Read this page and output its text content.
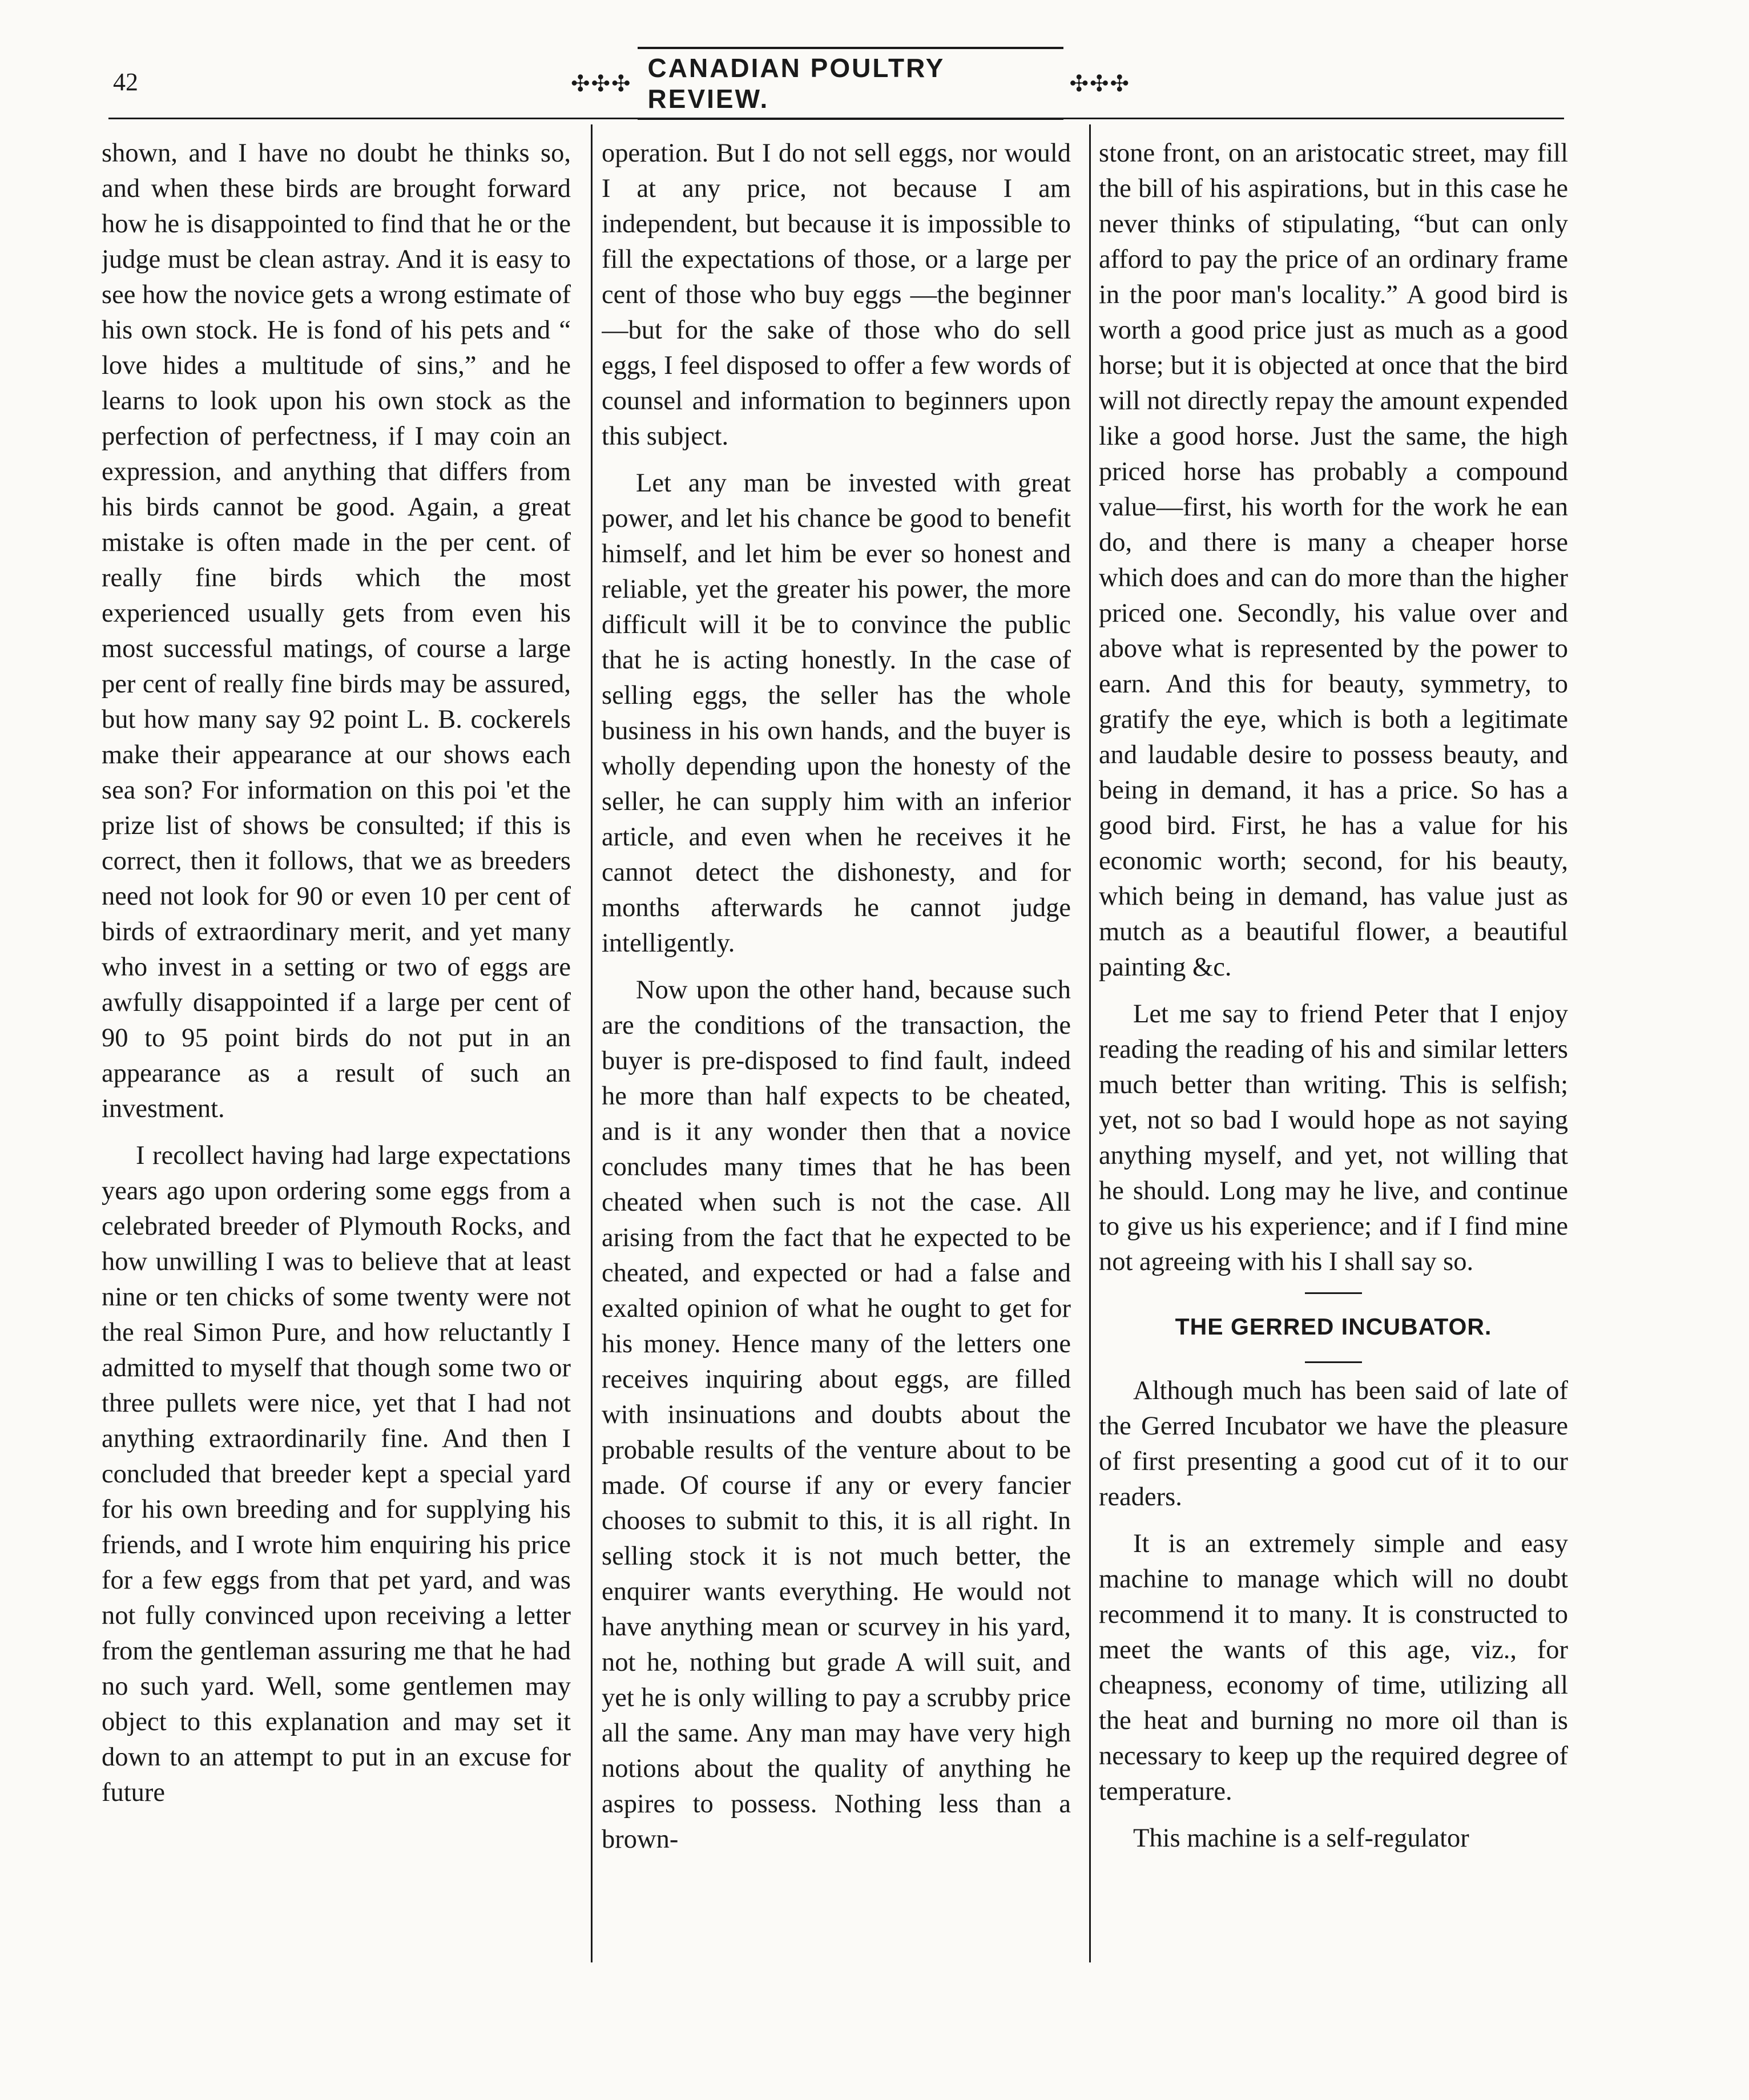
42	✣✣✣
CANADIAN POULTRY REVIEW.
✣✣✣

shown, and I have no doubt he thinks so, and when these birds are brought forward how he is disappointed to find that he or the judge must be clean astray. And it is easy to see how the novice gets a wrong estimate of his own stock. He is fond of his pets and “ love hides a multitude of sins,” and he learns to look upon his own stock as the perfection of perfectness, if I may coin an expression, and anything that differs from his birds cannot be good. Again, a great mistake is often made in the per cent. of really fine birds which the most experienced usually gets from even his most successful matings, of course a large per cent of really fine birds may be assured, but how many say 92 point L. B. cockerels make their appearance at our shows each sea son? For information on this poi 'et the prize list of shows be consulted; if this is correct, then it follows, that we as breeders need not look for 90 or even 10 per cent of birds of extraordinary merit, and yet many who invest in a setting or two of eggs are awfully disappointed if a large per cent of 90 to 95 point birds do not put in an appearance as a result of such an investment.

I recollect having had large expectations years ago upon ordering some eggs from a celebrated breeder of Plymouth Rocks, and how unwilling I was to believe that at least nine or ten chicks of some twenty were not the real Simon Pure, and how reluctantly I admitted to myself that though some two or three pullets were nice, yet that I had not anything extraordinarily fine. And then I concluded that breeder kept a special yard for his own breeding and for supplying his friends, and I wrote him enquiring his price for a few eggs from that pet yard, and was not fully convinced upon receiving a letter from the gentleman assuring me that he had no such yard. Well, some gentlemen may object to this explanation and may set it down to an attempt to put in an excuse for future

operation. But I do not sell eggs, nor would I at any price, not because I am independent, but because it is impossible to fill the expectations of those, or a large per cent of those who buy eggs —the beginner—but for the sake of those who do sell eggs, I feel disposed to offer a few words of counsel and information to beginners upon this subject.

Let any man be invested with great power, and let his chance be good to benefit himself, and let him be ever so honest and reliable, yet the greater his power, the more difficult will it be to convince the public that he is acting honestly. In the case of selling eggs, the seller has the whole business in his own hands, and the buyer is wholly depending upon the honesty of the seller, he can supply him with an inferior article, and even when he receives it he cannot detect the dishonesty, and for months afterwards he cannot judge intelligently.

Now upon the other hand, because such are the conditions of the transaction, the buyer is pre-disposed to find fault, indeed he more than half expects to be cheated, and is it any wonder then that a novice concludes many times that he has been cheated when such is not the case. All arising from the fact that he expected to be cheated, and expected or had a false and exalted opinion of what he ought to get for his money. Hence many of the letters one receives inquiring about eggs, are filled with insinuations and doubts about the probable results of the venture about to be made. Of course if any or every fancier chooses to submit to this, it is all right. In selling stock it is not much better, the enquirer wants everything. He would not have anything mean or scurvey in his yard, not he, nothing but grade A will suit, and yet he is only willing to pay a scrubby price all the same. Any man may have very high notions about the quality of anything he aspires to possess. Nothing less than a brown-

stone front, on an aristocatic street, may fill the bill of his aspirations, but in this case he never thinks of stipulating, “but can only afford to pay the price of an ordinary frame in the poor man's locality.” A good bird is worth a good price just as much as a good horse; but it is objected at once that the bird will not directly repay the amount expended like a good horse. Just the same, the high priced horse has probably a compound value—first, his worth for the work he ean do, and there is many a cheaper horse which does and can do more than the higher priced one. Secondly, his value over and above what is represented by the power to earn. And this for beauty, symmetry, to gratify the eye, which is both a legitimate and laudable desire to possess beauty, and being in demand, it has a price. So has a good bird. First, he has a value for his economic worth; second, for his beauty, which being in demand, has value just as mutch as a beautiful flower, a beautiful painting &c.

Let me say to friend Peter that I enjoy reading the reading of his and similar letters much better than writing. This is selfish; yet, not so bad I would hope as not saying anything myself, and yet, not willing that he should. Long may he live, and continue to give us his experience; and if I find mine not agreeing with his I shall say so.

THE GERRED INCUBATOR.

Although much has been said of late of the Gerred Incubator we have the pleasure of first presenting a good cut of it to our readers.

It is an extremely simple and easy machine to manage which will no doubt recommend it to many. It is constructed to meet the wants of this age, viz., for cheapness, economy of time, utilizing all the heat and burning no more oil than is necessary to keep up the required degree of temperature.

This machine is a self-regulator
